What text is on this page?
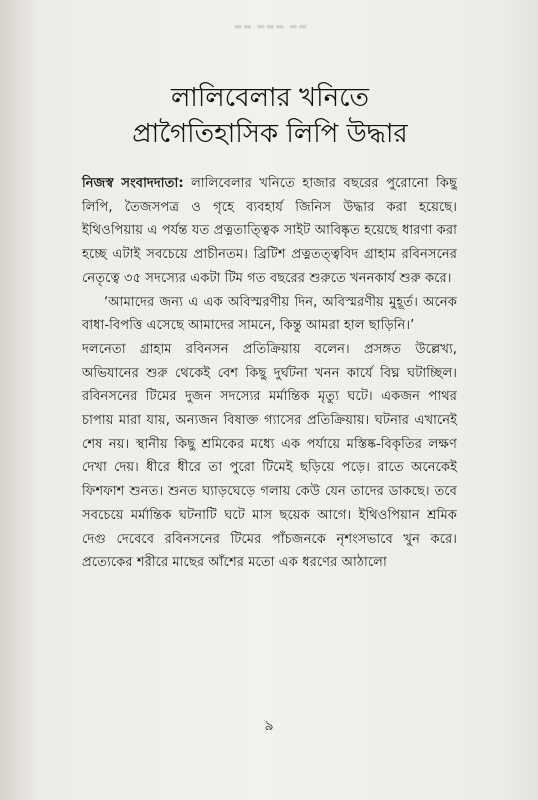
▬▬ ▬▬▬ ▬▬
লালিবেলার খনিতে
প্রাগৈতিহাসিক লিপি উদ্ধার

নিজস্ব সংবাদদাতা: লালিবেলার খনিতে হাজার বছরের পুরোনো কিছু লিপি, তৈজসপত্র ও গৃহে ব্যবহার্য জিনিস উদ্ধার করা হয়েছে। ইথিওপিয়ায় এ পর্যন্ত যত প্রত্নতাত্ত্বিক সাইট আবিষ্কৃত হয়েছে ধারণা করা হচ্ছে এটাই সবচেয়ে প্রাচীনতম। ব্রিটিশ প্রত্নতত্ত্ববিদ গ্রাহাম রবিনসনের নেতৃত্বে ৩৫ সদস্যের একটা টিম গত বছরের শুরুতে খননকার্য শুরু করে।

‘আমাদের জন্য এ এক অবিস্মরণীয় দিন, অবিস্মরণীয় মুহূর্ত। অনেক বাধা-বিপত্তি এসেছে আমাদের সামনে, কিন্তু আমরা হাল ছাড়িনি।’

দলনেতা গ্রাহাম রবিনসন প্রতিক্রিয়ায় বলেন। প্রসঙ্গত উল্লেখ্য, অভিযানের শুরু থেকেই বেশ কিছু দুর্ঘটনা খনন কার্যে বিঘ্ন ঘটাচ্ছিল। রবিনসনের টিমের দুজন সদস্যের মর্মান্তিক মৃত্যু ঘটে। একজন পাথর চাপায় মারা যায়, অন্যজন বিষাক্ত গ্যাসের প্রতিক্রিয়ায়। ঘটনার এখানেই শেষ নয়। স্থানীয় কিছু শ্রমিকের মধ্যে এক পর্যায়ে মস্তিষ্ক-বিকৃতির লক্ষণ দেখা দেয়। ধীরে ধীরে তা পুরো টিমেই ছড়িয়ে পড়ে। রাতে অনেকেই ফিশফাশ শুনত। শুনত ঘ্যাড়ঘেড়ে গলায় কেউ যেন তাদের ডাকছে। তবে সবচেয়ে মর্মান্তিক ঘটনাটি ঘটে মাস ছয়েক আগে। ইথিওপিয়ান শ্রমিক দেগু দেবেবে রবিনসনের টিমের পাঁচজনকে নৃশংসভাবে খুন করে। প্রত্যেকের শরীরে মাছের আঁশের মতো এক ধরণের আঠালো

৯
